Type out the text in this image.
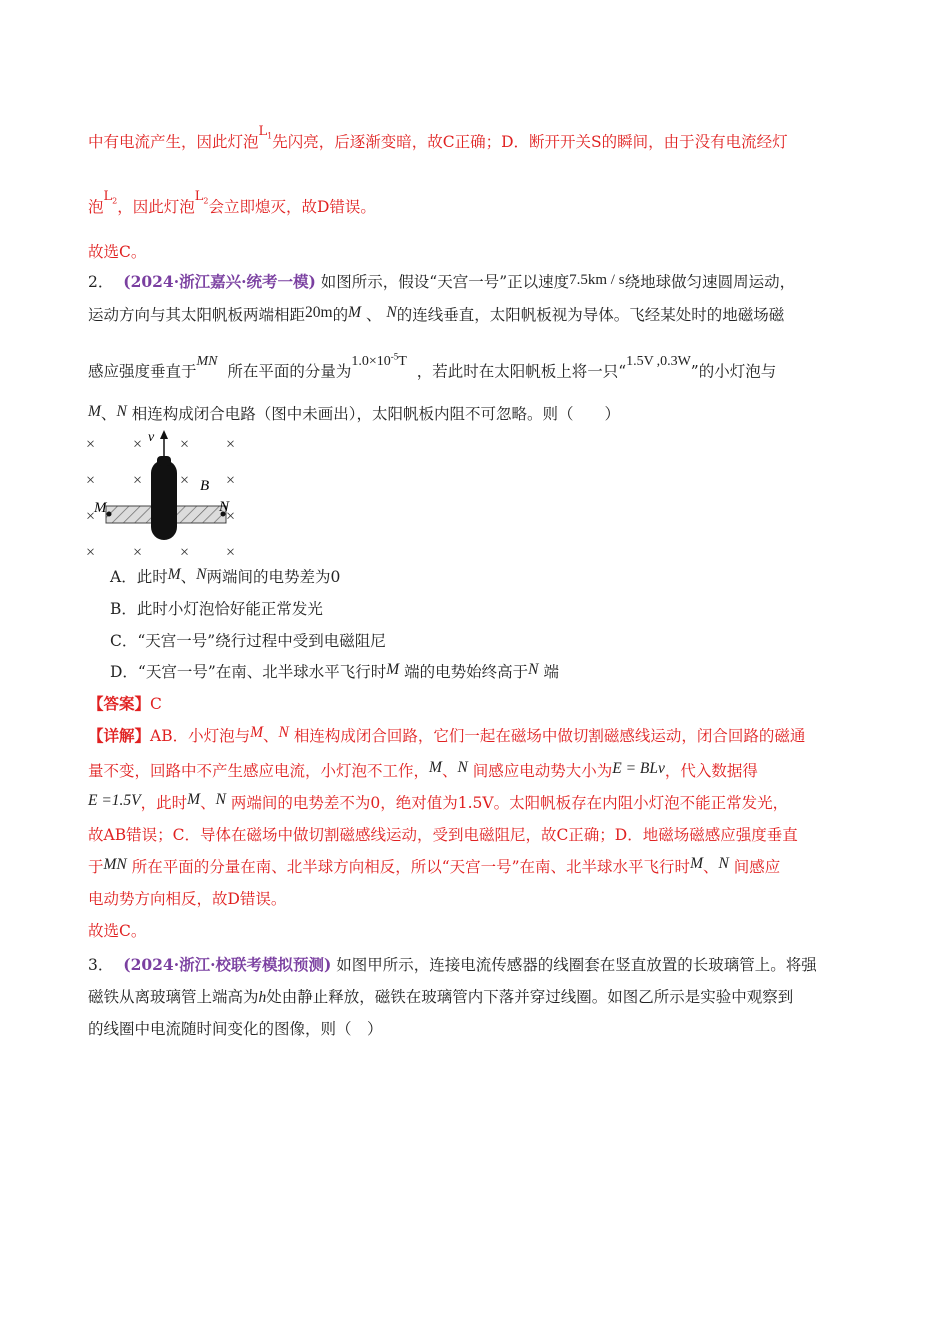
中有电流产生，因此灯泡$^{L_1}$先闪亮，后逐渐变暗，故C正确；D．断开开关S的瞬间，由于没有电流经灯
泡$^{L_2}$，因此灯泡$^{L_2}$会立即熄灭，故D错误。
故选C。
2． (2024·浙江嘉兴·统考一模) 如图所示，假设“天宫一号”正以速度7.5km / s绕地球做匀速圆周运动，
运动方向与其太阳帆板两端相距20m的M 、 N的连线垂直，太阳帆板视为导体。飞经某处时的地磁场磁
感应强度垂直于MN  所在平面的分量为$1.0\times 10^{-5}T$  ，若此时在太阳帆板上将一只“1.5V ,0.3W”的小灯泡与
M、N 相连构成闭合电路（图中未画出），太阳帆板内阻不可忽略。则（　　）
× × × ×
× × × ×
×	×
× × × ×
v
B
M	N
A．此时M、N两端间的电势差为0
B．此时小灯泡恰好能正常发光
C．“天宫一号”绕行过程中受到电磁阻尼
D．“天宫一号”在南、北半球水平飞行时M 端的电势始终高于N 端
【答案】C
【详解】AB．小灯泡与M、N 相连构成闭合回路，它们一起在磁场中做切割磁感线运动，闭合回路的磁通
量不变，回路中不产生感应电流，小灯泡不工作，M、N 间感应电动势大小为E = BLv，代入数据得
E =1.5V，此时M、N 两端间的电势差不为0，绝对值为1.5V。太阳帆板存在内阻小灯泡不能正常发光，
故AB错误；C．导体在磁场中做切割磁感线运动，受到电磁阻尼，故C正确；D．地磁场磁感应强度垂直
于MN 所在平面的分量在南、北半球方向相反，所以“天宫一号”在南、北半球水平飞行时M、N 间感应
电动势方向相反，故D错误。
故选C。
3． (2024·浙江·校联考模拟预测) 如图甲所示，连接电流传感器的线圈套在竖直放置的长玻璃管上。将强
磁铁从离玻璃管上端高为h处由静止释放，磁铁在玻璃管内下落并穿过线圈。如图乙所示是实验中观察到
的线圈中电流随时间变化的图像，则（　）
